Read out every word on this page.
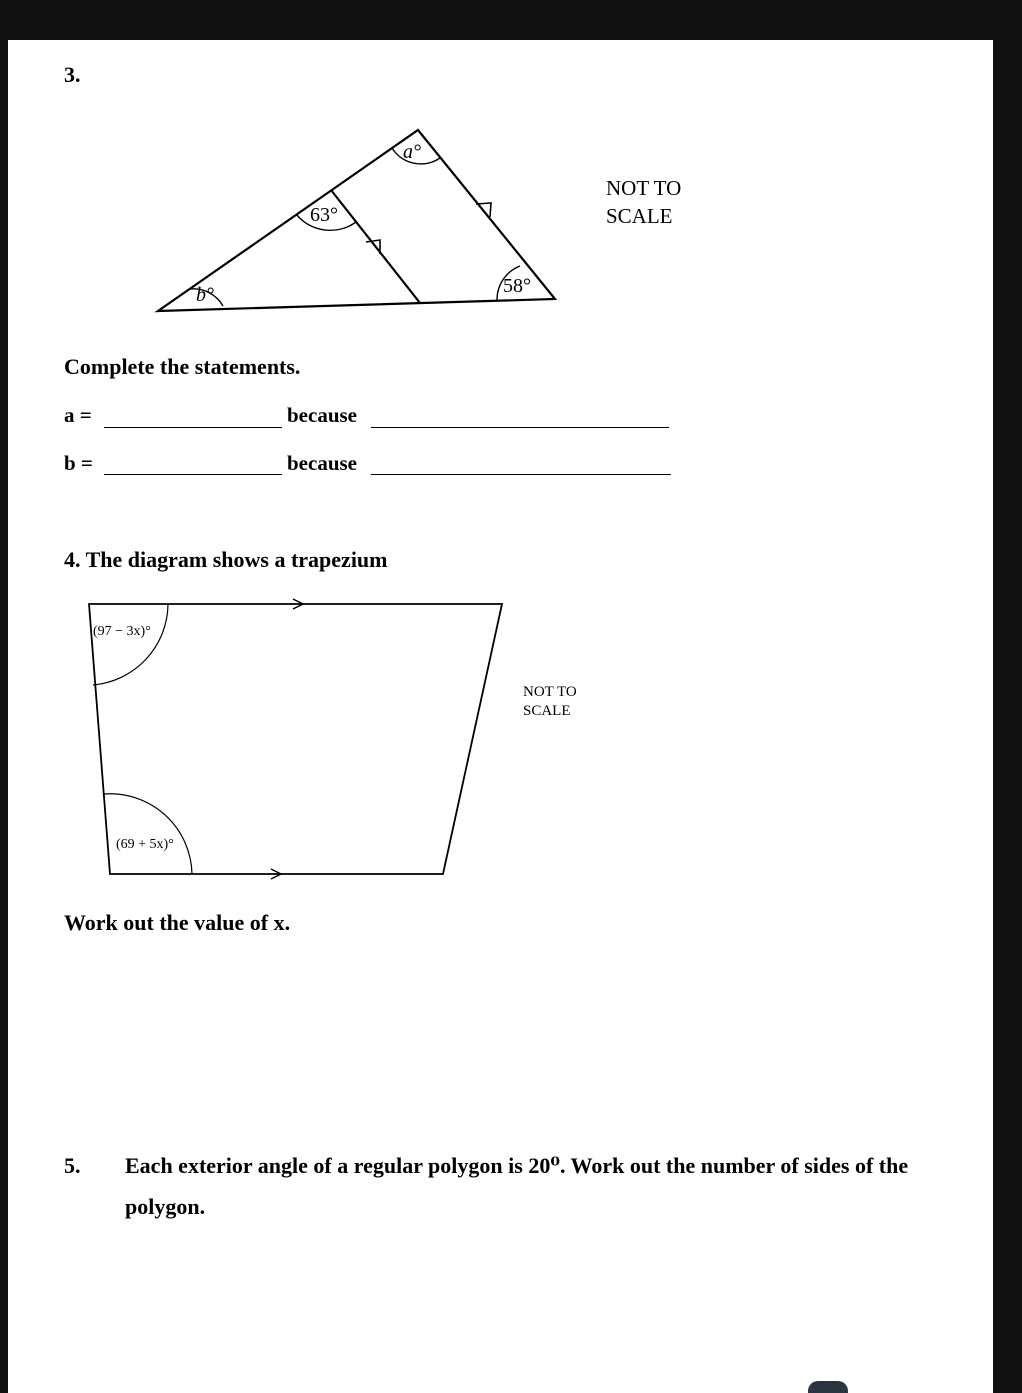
3.
a°
63°
b°	58°
NOT TO
SCALE
Complete the statements.
a =	because
b =	because
4. The diagram shows a trapezium
(97 − 3x)°
(69 + 5x)°
NOT TO
SCALE
Work out the value of x.
5. Each exterior angle of a regular polygon is 20⁰. Work out the number of sides of the
polygon.
